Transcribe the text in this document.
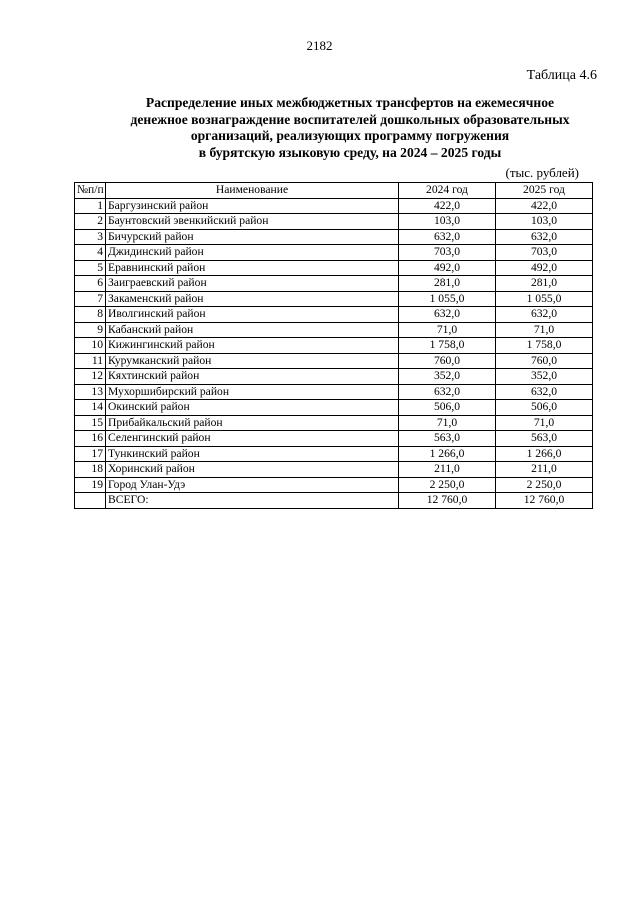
2182
Таблица 4.6
Распределение иных межбюджетных трансфертов на ежемесячное
денежное вознаграждение воспитателей дошкольных образовательных
организаций, реализующих программу погружения
в бурятскую языковую среду, на 2024 – 2025 годы
(тыс. рублей)
№п/п	Наименование	2024 год	2025 год
1	Баргузинский район	422,0	422,0
2	Баунтовский эвенкийский район	103,0	103,0
3	Бичурский район	632,0	632,0
4	Джидинский район	703,0	703,0
5	Еравнинский район	492,0	492,0
6	Заиграевский район	281,0	281,0
7	Закаменский район	1 055,0	1 055,0
8	Иволгинский район	632,0	632,0
9	Кабанский район	71,0	71,0
10	Кижингинский район	1 758,0	1 758,0
11	Курумканский район	760,0	760,0
12	Кяхтинский район	352,0	352,0
13	Мухоршибирский район	632,0	632,0
14	Окинский район	506,0	506,0
15	Прибайкальский район	71,0	71,0
16	Селенгинский район	563,0	563,0
17	Тункинский район	1 266,0	1 266,0
18	Хоринский район	211,0	211,0
19	Город Улан-Удэ	2 250,0	2 250,0
	ВСЕГО:	12 760,0	12 760,0
